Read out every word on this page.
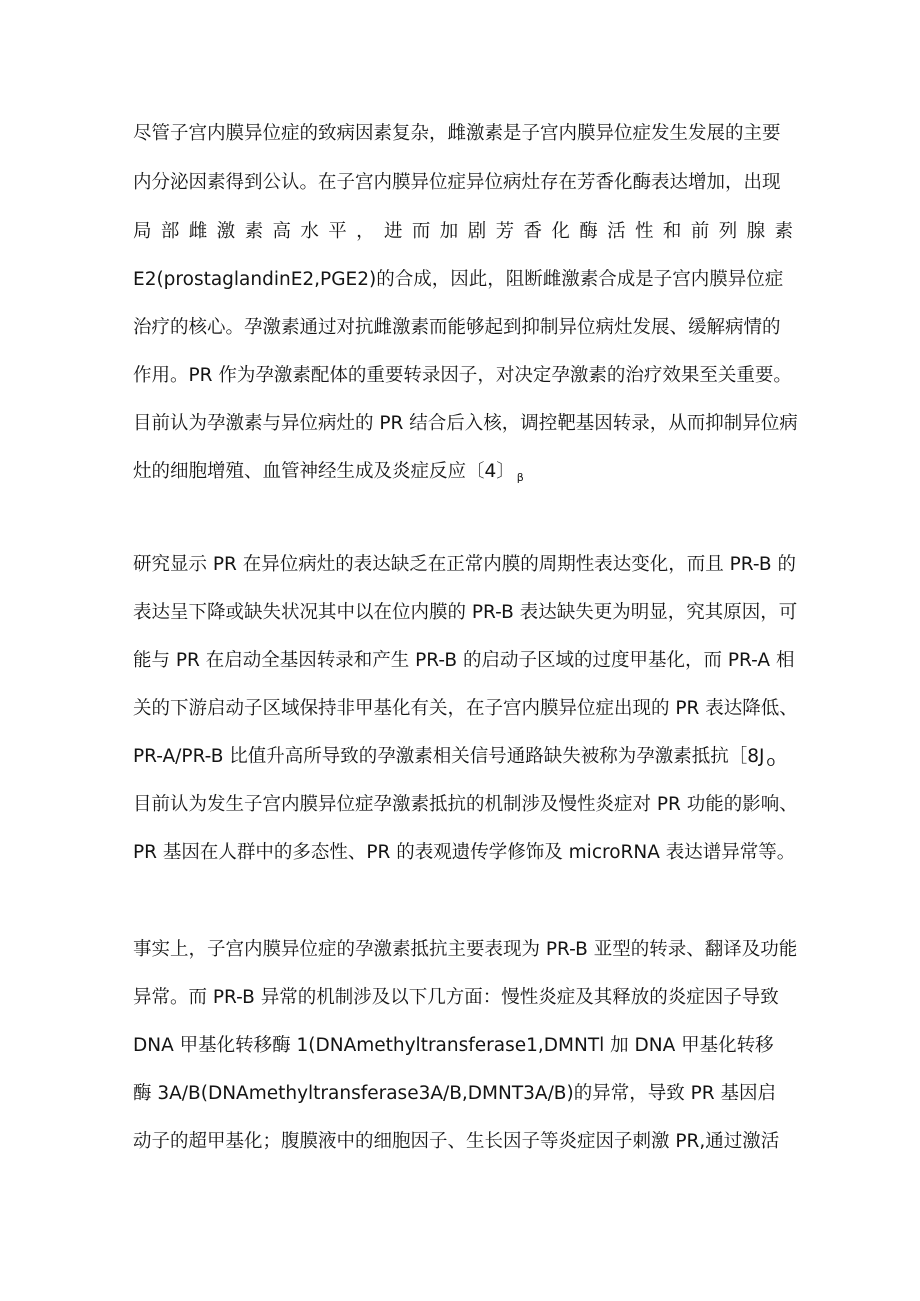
尽管子宫内膜异位症的致病因素复杂，雌激素是子宫内膜异位症发生发展的主要
内分泌因素得到公认。在子宫内膜异位症异位病灶存在芳香化酶表达增加，出现
局 部 雌 激 素 高 水 平 ， 进 而 加 剧 芳 香 化 酶 活 性 和 前 列 腺 素
E2(prostaglandinE2,PGE2)的合成，因此，阻断雌激素合成是子宫内膜异位症
治疗的核心。孕激素通过对抗雌激素而能够起到抑制异位病灶发展、缓解病情的
作用。PR 作为孕激素配体的重要转录因子，对决定孕激素的治疗效果至关重要。
目前认为孕激素与异位病灶的 PR 结合后入核，调控靶基因转录，从而抑制异位病
灶的细胞增殖、血管神经生成及炎症反应〔4〕 $_\beta$
研究显示 PR 在异位病灶的表达缺乏在正常内膜的周期性表达变化，而且 PR-B 的
表达呈下降或缺失状况其中以在位内膜的 PR-B 表达缺失更为明显，究其原因，可
能与 PR 在启动全基因转录和产生 PR-B 的启动子区域的过度甲基化，而 PR-A 相
关的下游启动子区域保持非甲基化有关，在子宫内膜异位症出现的 PR 表达降低、
PR-A/PR-B 比值升高所导致的孕激素相关信号通路缺失被称为孕激素抵抗［8J $_O$
目前认为发生子宫内膜异位症孕激素抵抗的机制涉及慢性炎症对 PR 功能的影响、
PR 基因在人群中的多态性、PR 的表观遗传学修饰及 microRNA 表达谱异常等。
事实上，子宫内膜异位症的孕激素抵抗主要表现为 PR-B 亚型的转录、翻译及功能
异常。而 PR-B 异常的机制涉及以下几方面：慢性炎症及其释放的炎症因子导致
DNA 甲基化转移酶 1(DNAmethyltransferase1,DMNTl 加 DNA 甲基化转移
酶 3A∕B(DNAmethyltransferase3A/B,DMNT3A/B)的异常，导致 PR 基因启
动子的超甲基化；腹膜液中的细胞因子、生长因子等炎症因子刺激 PR,通过激活
